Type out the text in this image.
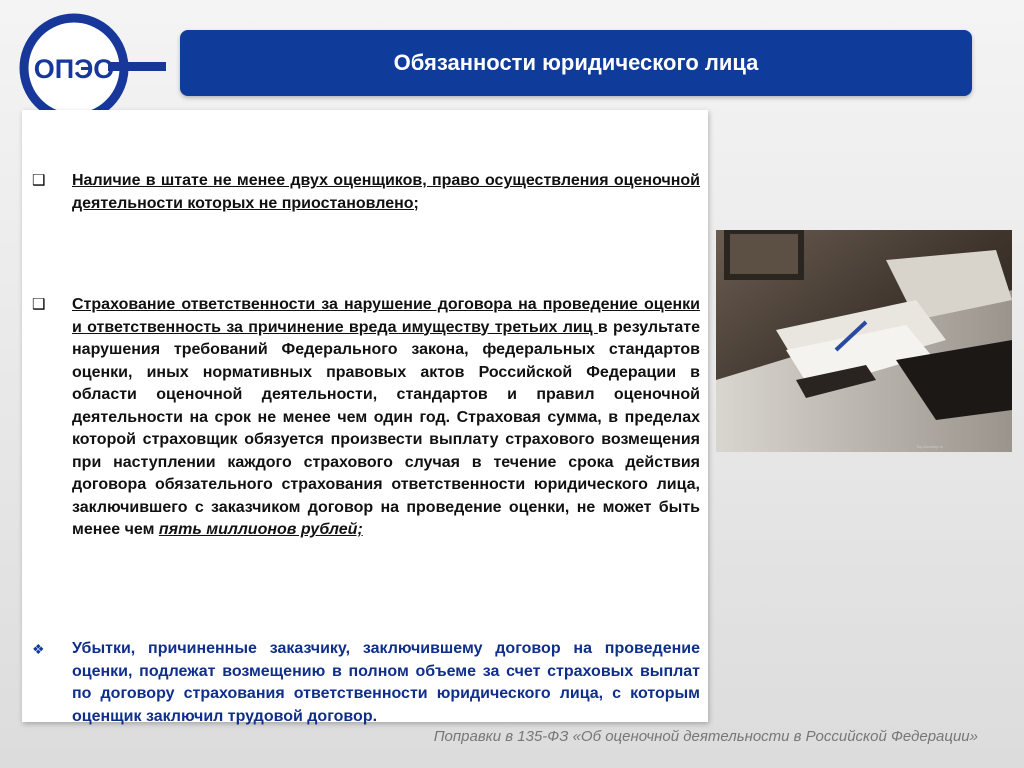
ОПЭО	Обязанности юридического лица
❑	Наличие в штате не менее двух оценщиков, право осуществления оценочной деятельности которых не приостановлено;
❑	Страхование ответственности за нарушение договора на проведение оценки и ответственность за причинение вреда имуществу третьих лиц в результате нарушения требований Федерального закона, федеральных стандартов оценки, иных нормативных правовых актов Российской Федерации в области оценочной деятельности, стандартов и правил оценочной деятельности на срок не менее чем один год. Страховая сумма, в пределах которой страховщик обязуется произвести выплату страхового возмещения при наступлении каждого страхового случая в течение срока действия договора обязательного страхования ответственности юридического лица, заключившего с заказчиком договор на проведение оценки, не может быть менее чем пять миллионов рублей;
❖	Убытки, причиненные заказчику, заключившему договор на проведение оценки, подлежат возмещению в полном объеме за счет страховых выплат по договору страхования ответственности юридического лица, с которым оценщик заключил трудовой договор.
Top-Desktop.ru
Поправки в 135-ФЗ «Об оценочной деятельности в Российской Федерации»
